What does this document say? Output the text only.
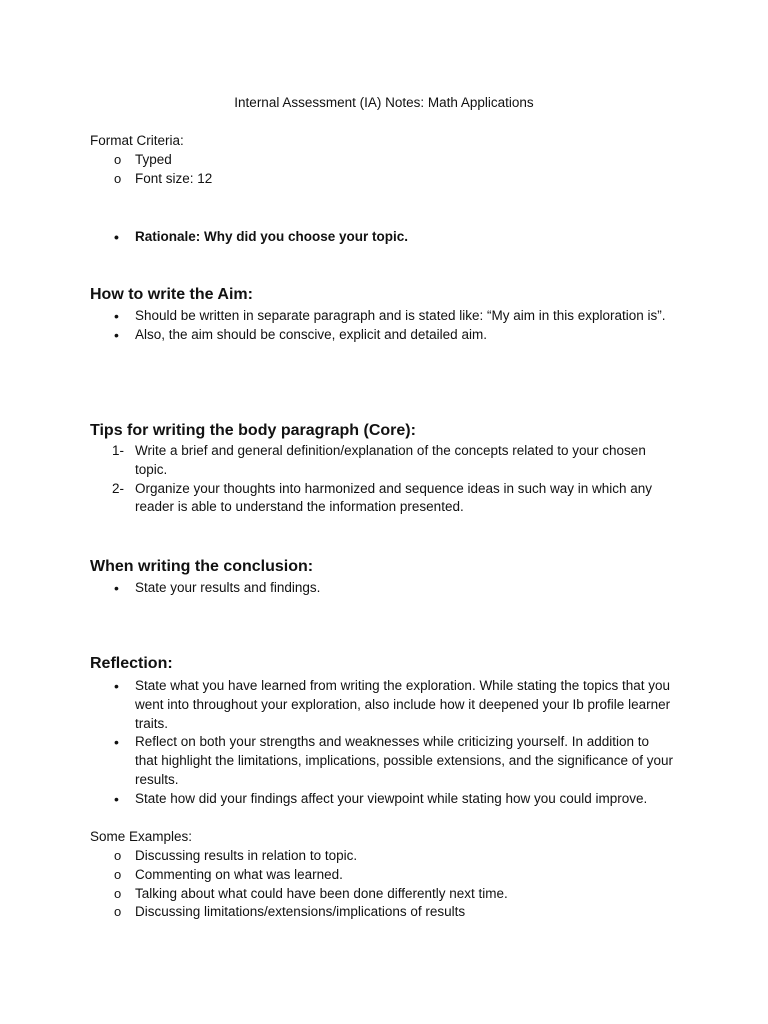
Internal Assessment (IA) Notes: Math Applications
Format Criteria:
o Typed
o Font size: 12
• Rationale: Why did you choose your topic.
How to write the Aim:
• Should be written in separate paragraph and is stated like: “My aim in this exploration is”.
• Also, the aim should be conscive, explicit and detailed aim.
Tips for writing the body paragraph (Core):
1- Write a brief and general definition/explanation of the concepts related to your chosen topic.
2- Organize your thoughts into harmonized and sequence ideas in such way in which any reader is able to understand the information presented.
When writing the conclusion:
• State your results and findings.
Reflection:
• State what you have learned from writing the exploration. While stating the topics that you went into throughout your exploration, also include how it deepened your Ib profile learner traits.
• Reflect on both your strengths and weaknesses while criticizing yourself. In addition to that highlight the limitations, implications, possible extensions, and the significance of your results.
• State how did your findings affect your viewpoint while stating how you could improve.
Some Examples:
o Discussing results in relation to topic.
o Commenting on what was learned.
o Talking about what could have been done differently next time.
o Discussing limitations/extensions/implications of results
